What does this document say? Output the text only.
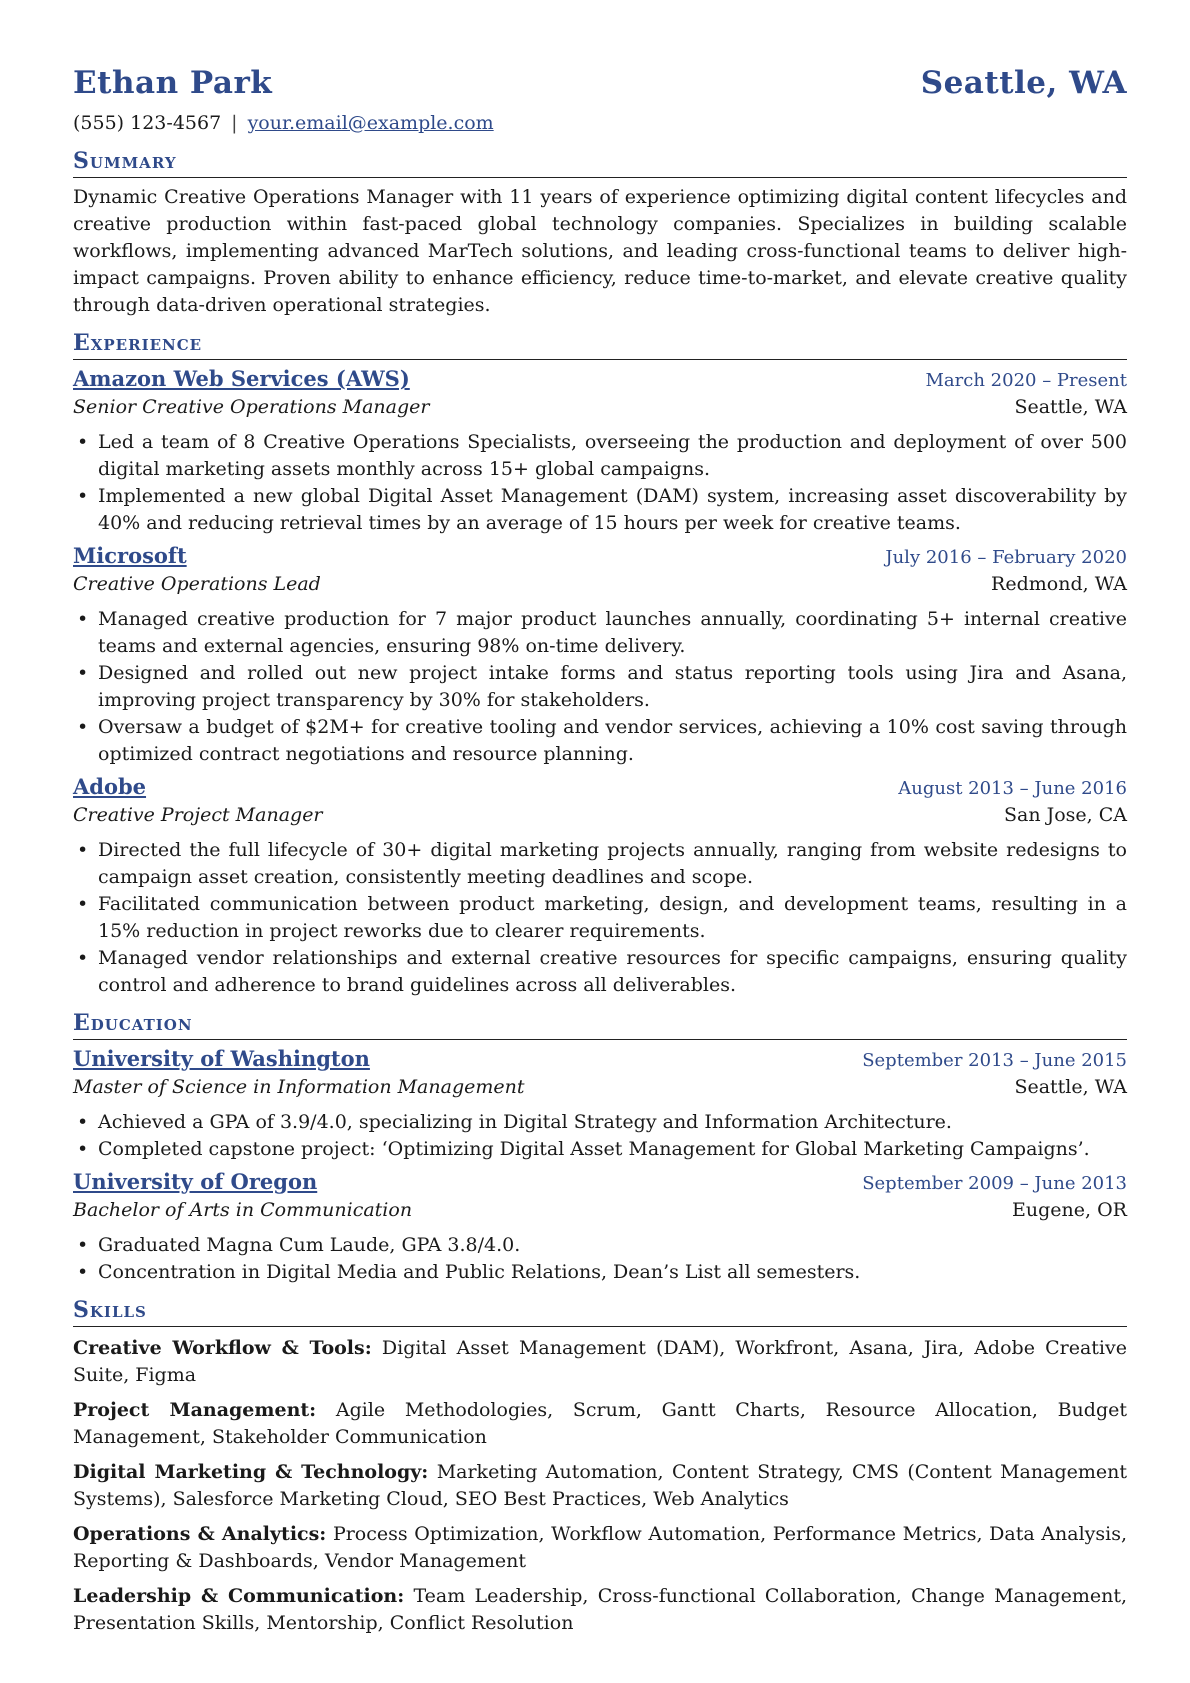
Ethan Park	Seattle, WA
(555) 123-4567 | your.email@example.com
Summary
Dynamic Creative Operations Manager with 11 years of experience optimizing digital content lifecycles and creative production within fast-paced global technology companies. Specializes in building scalable workflows, implementing advanced MarTech solutions, and leading cross-functional teams to deliver high-impact campaigns. Proven ability to enhance efficiency, reduce time-to-market, and elevate creative quality through data-driven operational strategies.
Experience
Amazon Web Services (AWS)	March 2020 – Present
Senior Creative Operations Manager	Seattle, WA
• Led a team of 8 Creative Operations Specialists, overseeing the production and deployment of over 500 digital marketing assets monthly across 15+ global campaigns.
• Implemented a new global Digital Asset Management (DAM) system, increasing asset discoverability by 40% and reducing retrieval times by an average of 15 hours per week for creative teams.
Microsoft	July 2016 – February 2020
Creative Operations Lead	Redmond, WA
• Managed creative production for 7 major product launches annually, coordinating 5+ internal creative teams and external agencies, ensuring 98% on-time delivery.
• Designed and rolled out new project intake forms and status reporting tools using Jira and Asana, improving project transparency by 30% for stakeholders.
• Oversaw a budget of $2M+ for creative tooling and vendor services, achieving a 10% cost saving through optimized contract negotiations and resource planning.
Adobe	August 2013 – June 2016
Creative Project Manager	San Jose, CA
• Directed the full lifecycle of 30+ digital marketing projects annually, ranging from website redesigns to campaign asset creation, consistently meeting deadlines and scope.
• Facilitated communication between product marketing, design, and development teams, resulting in a 15% reduction in project reworks due to clearer requirements.
• Managed vendor relationships and external creative resources for specific campaigns, ensuring quality control and adherence to brand guidelines across all deliverables.
Education
University of Washington	September 2013 – June 2015
Master of Science in Information Management	Seattle, WA
• Achieved a GPA of 3.9/4.0, specializing in Digital Strategy and Information Architecture.
• Completed capstone project: ‘Optimizing Digital Asset Management for Global Marketing Campaigns’.
University of Oregon	September 2009 – June 2013
Bachelor of Arts in Communication	Eugene, OR
• Graduated Magna Cum Laude, GPA 3.8/4.0.
• Concentration in Digital Media and Public Relations, Dean’s List all semesters.
Skills
Creative Workflow & Tools: Digital Asset Management (DAM), Workfront, Asana, Jira, Adobe Creative Suite, Figma
Project Management: Agile Methodologies, Scrum, Gantt Charts, Resource Allocation, Budget Management, Stakeholder Communication
Digital Marketing & Technology: Marketing Automation, Content Strategy, CMS (Content Management Systems), Salesforce Marketing Cloud, SEO Best Practices, Web Analytics
Operations & Analytics: Process Optimization, Workflow Automation, Performance Metrics, Data Analysis, Reporting & Dashboards, Vendor Management
Leadership & Communication: Team Leadership, Cross-functional Collaboration, Change Management, Presentation Skills, Mentorship, Conflict Resolution
